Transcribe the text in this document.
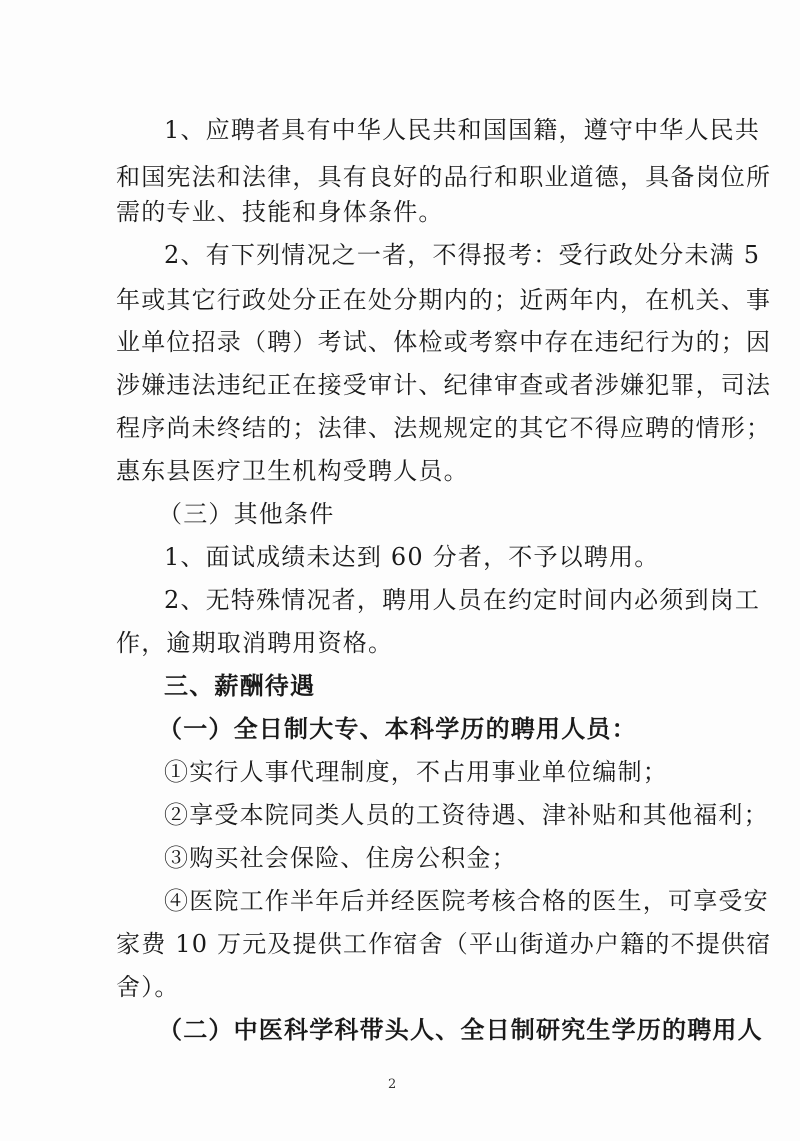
1、应聘者具有中华人民共和国国籍，遵守中华人民共
和国宪法和法律，具有良好的品行和职业道德，具备岗位所
需的专业、技能和身体条件。
2、有下列情况之一者，不得报考：受行政处分未满 5
年或其它行政处分正在处分期内的；近两年内，在机关、事
业单位招录（聘）考试、体检或考察中存在违纪行为的；因
涉嫌违法违纪正在接受审计、纪律审查或者涉嫌犯罪，司法
程序尚未终结的；法律、法规规定的其它不得应聘的情形；
惠东县医疗卫生机构受聘人员。
（三）其他条件
1、面试成绩未达到 60 分者，不予以聘用。
2、无特殊情况者，聘用人员在约定时间内必须到岗工
作，逾期取消聘用资格。
三、薪酬待遇
（一）全日制大专、本科学历的聘用人员：
①实行人事代理制度，不占用事业单位编制；
②享受本院同类人员的工资待遇、津补贴和其他福利；
③购买社会保险、住房公积金；
④医院工作半年后并经医院考核合格的医生，可享受安
家费 10 万元及提供工作宿舍（平山街道办户籍的不提供宿
舍）。
（二）中医科学科带头人、全日制研究生学历的聘用人
2
